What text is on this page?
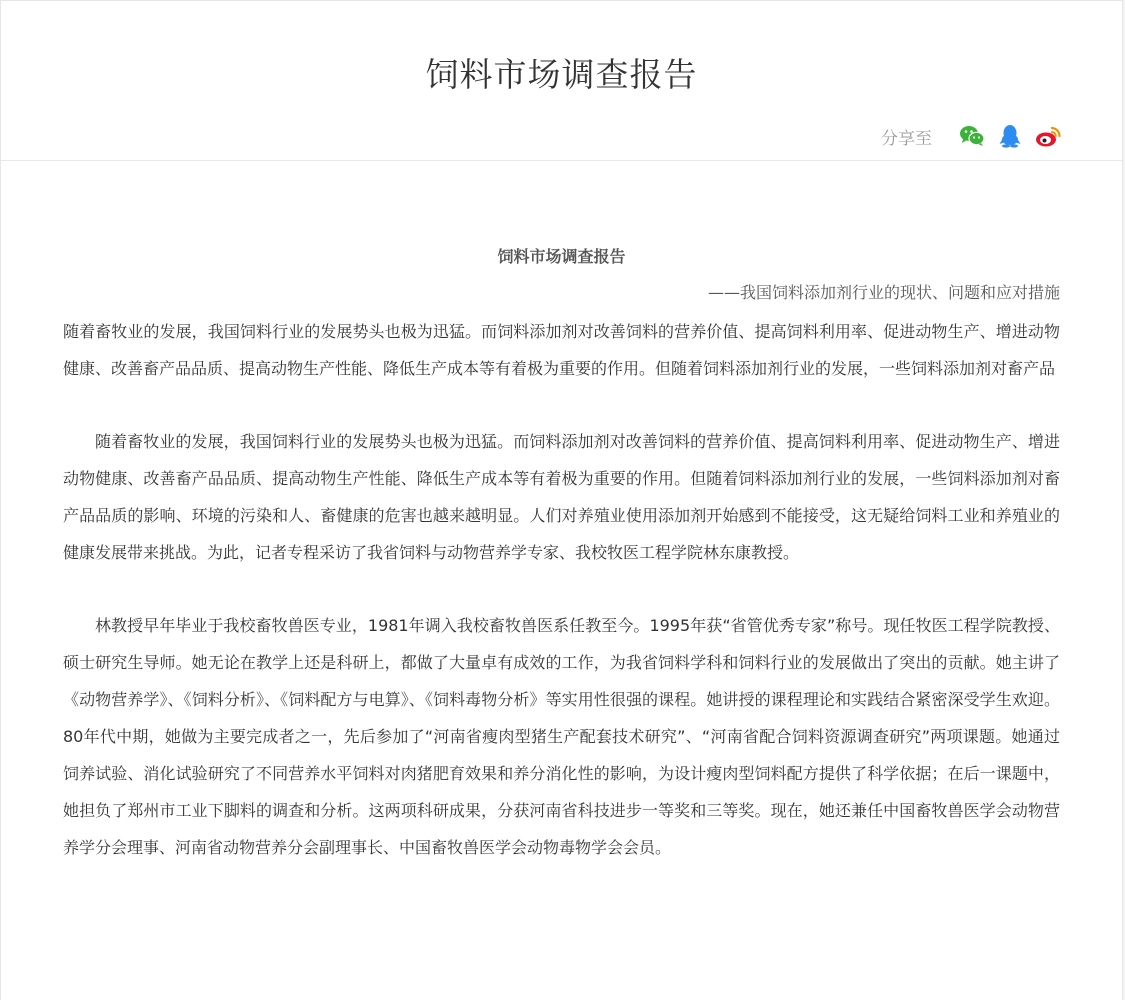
饲料市场调查报告
分享至
饲料市场调查报告
——我国饲料添加剂行业的现状、问题和应对措施

随着畜牧业的发展，我国饲料行业的发展势头也极为迅猛。而饲料添加剂对改善饲料的营养价值、提高饲料利用率、促进动物生产、增进动物健康、改善畜产品品质、提高动物生产性能、降低生产成本等有着极为重要的作用。但随着饲料添加剂行业的发展，一些饲料添加剂对畜产品

随着畜牧业的发展，我国饲料行业的发展势头也极为迅猛。而饲料添加剂对改善饲料的营养价值、提高饲料利用率、促进动物生产、增进动物健康、改善畜产品品质、提高动物生产性能、降低生产成本等有着极为重要的作用。但随着饲料添加剂行业的发展，一些饲料添加剂对畜产品品质的影响、环境的污染和人、畜健康的危害也越来越明显。人们对养殖业使用添加剂开始感到不能接受，这无疑给饲料工业和养殖业的健康发展带来挑战。为此，记者专程采访了我省饲料与动物营养学专家、我校牧医工程学院林东康教授。

林教授早年毕业于我校畜牧兽医专业，1981年调入我校畜牧兽医系任教至今。1995年获“省管优秀专家”称号。现任牧医工程学院教授、硕士研究生导师。她无论在教学上还是科研上，都做了大量卓有成效的工作，为我省饲料学科和饲料行业的发展做出了突出的贡献。她主讲了《动物营养学》、《饲料分析》、《饲料配方与电算》、《饲料毒物分析》等实用性很强的课程。她讲授的课程理论和实践结合紧密深受学生欢迎。80年代中期，她做为主要完成者之一，先后参加了“河南省瘦肉型猪生产配套技术研究”、“河南省配合饲料资源调查研究”两项课题。她通过饲养试验、消化试验研究了不同营养水平饲料对肉猪肥育效果和养分消化性的影响，为设计瘦肉型饲料配方提供了科学依据；在后一课题中，她担负了郑州市工业下脚料的调查和分析。这两项科研成果，分获河南省科技进步一等奖和三等奖。现在，她还兼任中国畜牧兽医学会动物营养学分会理事、河南省动物营养分会副理事长、中国畜牧兽医学会动物毒物学会会员。
